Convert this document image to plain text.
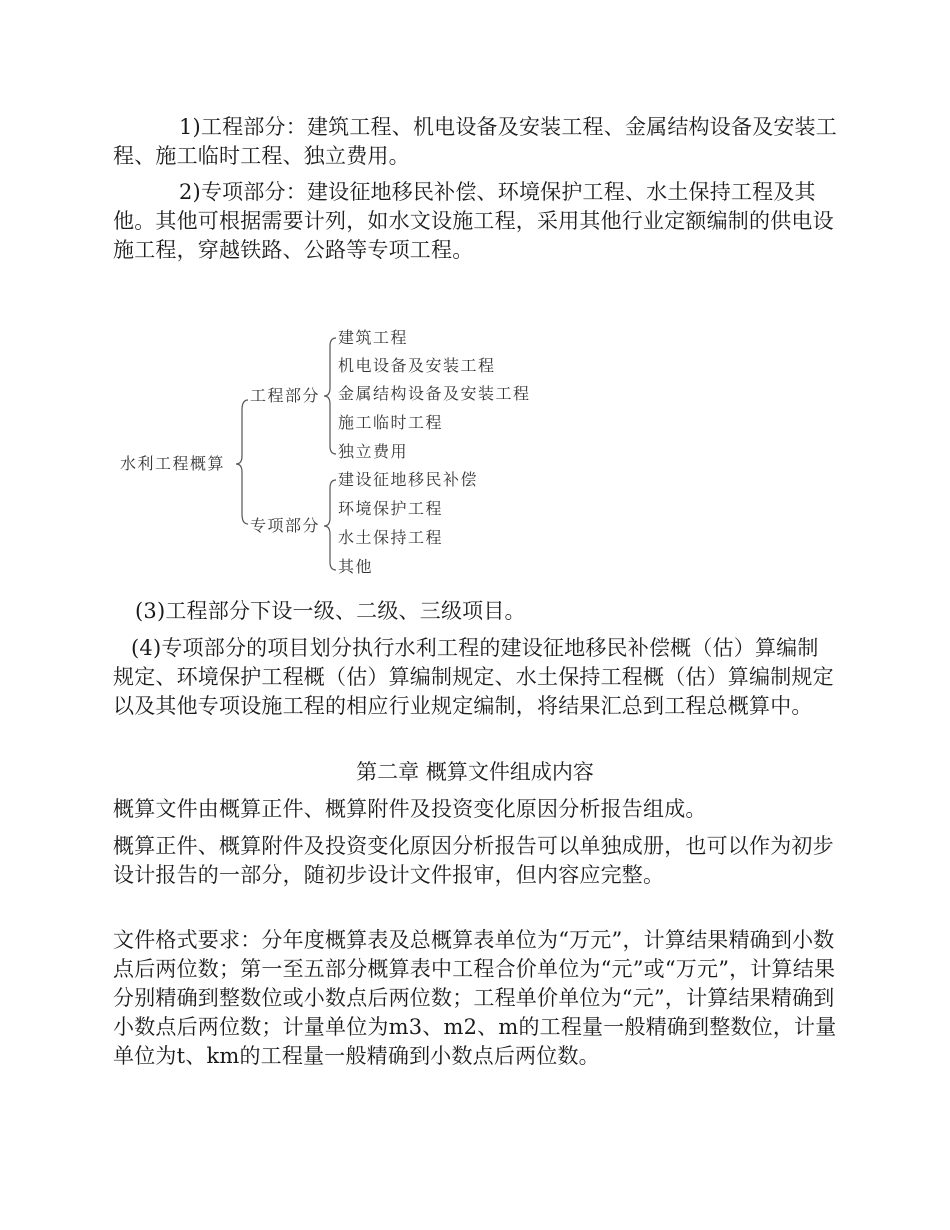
1)工程部分：建筑工程、机电设备及安装工程、金属结构设备及安装工程、施工临时工程、独立费用。

2)专项部分：建设征地移民补偿、环境保护工程、水土保持工程及其他。其他可根据需要计列，如水文设施工程，采用其他行业定额编制的供电设施工程，穿越铁路、公路等专项工程。

水利工程概算
工程部分
专项部分
建筑工程
机电设备及安装工程
金属结构设备及安装工程
施工临时工程
独立费用
建设征地移民补偿
环境保护工程
水土保持工程
其他

(3)工程部分下设一级、二级、三级项目。

(4)专项部分的项目划分执行水利工程的建设征地移民补偿概（估）算编制规定、环境保护工程概（估）算编制规定、水土保持工程概（估）算编制规定以及其他专项设施工程的相应行业规定编制，将结果汇总到工程总概算中。

第二章 概算文件组成内容

概算文件由概算正件、概算附件及投资变化原因分析报告组成。

概算正件、概算附件及投资变化原因分析报告可以单独成册，也可以作为初步设计报告的一部分，随初步设计文件报审，但内容应完整。

文件格式要求：分年度概算表及总概算表单位为“万元”，计算结果精确到小数点后两位数；第一至五部分概算表中工程合价单位为“元”或“万元”，计算结果分别精确到整数位或小数点后两位数；工程单价单位为“元”，计算结果精确到小数点后两位数；计量单位为m3、m2、m的工程量一般精确到整数位，计量单位为t、km的工程量一般精确到小数点后两位数。
